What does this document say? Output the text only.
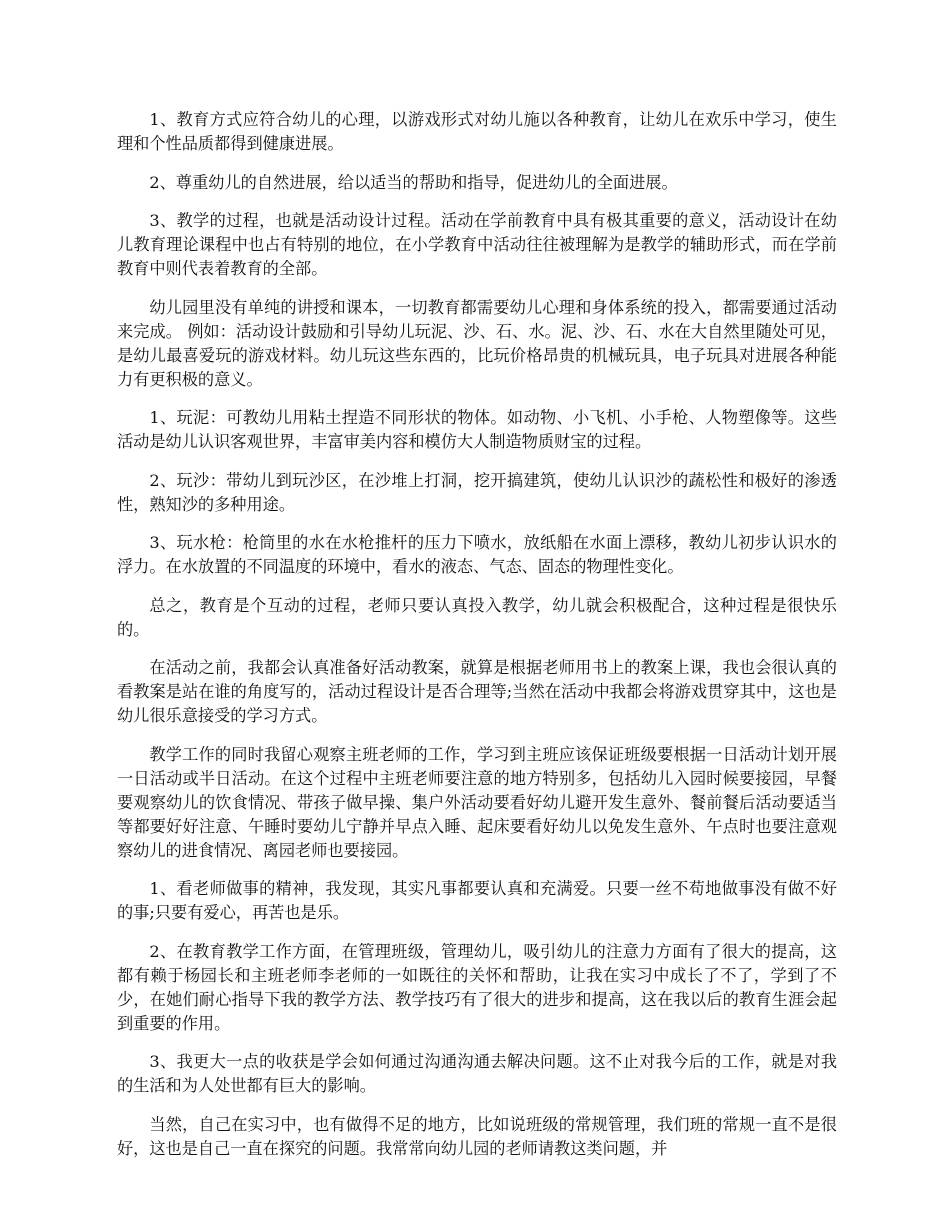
1、教育方式应符合幼儿的心理，以游戏形式对幼儿施以各种教育，让幼儿在欢乐中学习，使生理和个性品质都得到健康进展。

2、尊重幼儿的自然进展，给以适当的帮助和指导，促进幼儿的全面进展。

3、教学的过程，也就是活动设计过程。活动在学前教育中具有极其重要的意义，活动设计在幼儿教育理论课程中也占有特别的地位，在小学教育中活动往往被理解为是教学的辅助形式，而在学前教育中则代表着教育的全部。

幼儿园里没有单纯的讲授和课本，一切教育都需要幼儿心理和身体系统的投入，都需要通过活动来完成。 例如：活动设计鼓励和引导幼儿玩泥、沙、石、水。泥、沙、石、水在大自然里随处可见，是幼儿最喜爱玩的游戏材料。幼儿玩这些东西的，比玩价格昂贵的机械玩具，电子玩具对进展各种能力有更积极的意义。

1、玩泥：可教幼儿用粘土捏造不同形状的物体。如动物、小飞机、小手枪、人物塑像等。这些活动是幼儿认识客观世界，丰富审美内容和模仿大人制造物质财宝的过程。

2、玩沙：带幼儿到玩沙区，在沙堆上打洞，挖开搞建筑，使幼儿认识沙的蔬松性和极好的渗透性，熟知沙的多种用途。

3、玩水枪：枪筒里的水在水枪推杆的压力下喷水，放纸船在水面上漂移，教幼儿初步认识水的浮力。在水放置的不同温度的环境中，看水的液态、气态、固态的物理性变化。

总之，教育是个互动的过程，老师只要认真投入教学，幼儿就会积极配合，这种过程是很快乐的。

在活动之前，我都会认真准备好活动教案，就算是根据老师用书上的教案上课，我也会很认真的看教案是站在谁的角度写的，活动过程设计是否合理等;当然在活动中我都会将游戏贯穿其中，这也是幼儿很乐意接受的学习方式。

教学工作的同时我留心观察主班老师的工作，学习到主班应该保证班级要根据一日活动计划开展一日活动或半日活动。在这个过程中主班老师要注意的地方特别多，包括幼儿入园时候要接园，早餐要观察幼儿的饮食情况、带孩子做早操、集户外活动要看好幼儿避开发生意外、餐前餐后活动要适当等都要好好注意、午睡时要幼儿宁静并早点入睡、起床要看好幼儿以免发生意外、午点时也要注意观察幼儿的进食情况、离园老师也要接园。

1、看老师做事的精神，我发现，其实凡事都要认真和充满爱。只要一丝不苟地做事没有做不好的事;只要有爱心，再苦也是乐。

2、在教育教学工作方面，在管理班级，管理幼儿，吸引幼儿的注意力方面有了很大的提高，这都有赖于杨园长和主班老师李老师的一如既往的关怀和帮助，让我在实习中成长了不了，学到了不少，在她们耐心指导下我的教学方法、教学技巧有了很大的进步和提高，这在我以后的教育生涯会起到重要的作用。

3、我更大一点的收获是学会如何通过沟通沟通去解决问题。这不止对我今后的工作，就是对我的生活和为人处世都有巨大的影响。

当然，自己在实习中，也有做得不足的地方，比如说班级的常规管理，我们班的常规一直不是很好，这也是自己一直在探究的问题。我常常向幼儿园的老师请教这类问题，并
